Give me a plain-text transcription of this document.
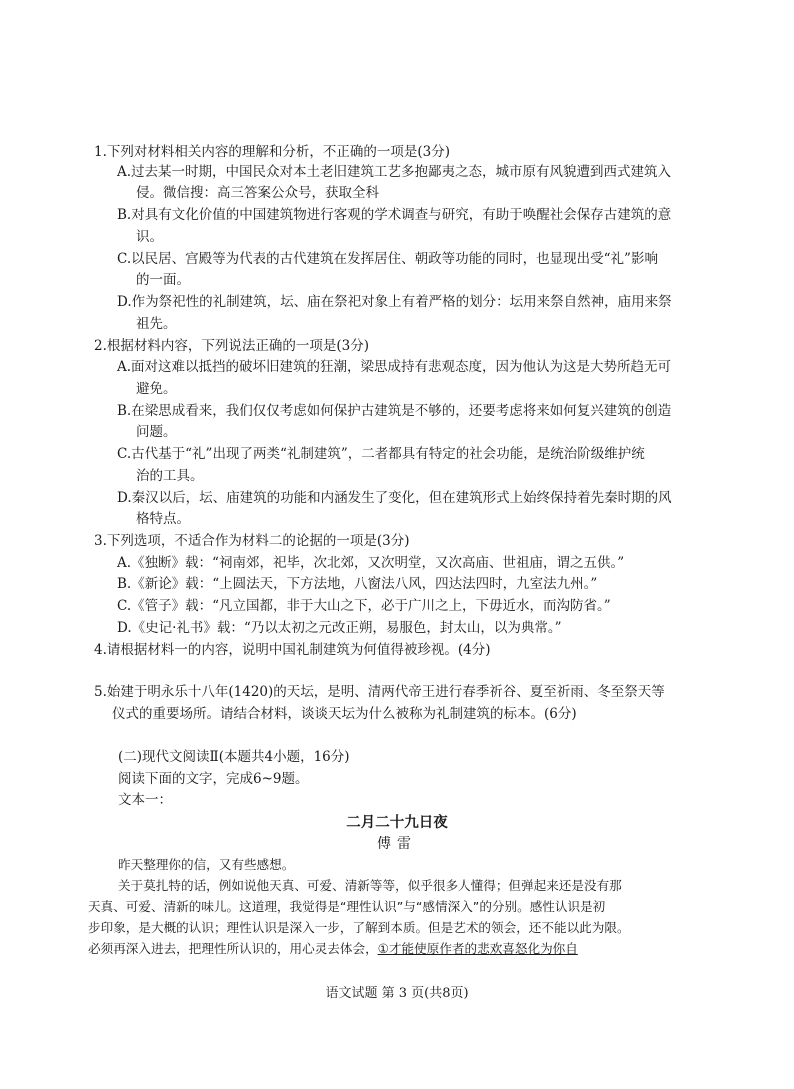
1.下列对材料相关内容的理解和分析，不正确的一项是(3分)
A.过去某一时期，中国民众对本土老旧建筑工艺多抱鄙夷之态，城市原有风貌遭到西式建筑入
侵。微信搜：高三答案公众号，获取全科
B.对具有文化价值的中国建筑物进行客观的学术调查与研究，有助于唤醒社会保存古建筑的意
识。
C.以民居、宫殿等为代表的古代建筑在发挥居住、朝政等功能的同时，也显现出受“礼”影响
的一面。
D.作为祭祀性的礼制建筑，坛、庙在祭祀对象上有着严格的划分：坛用来祭自然神，庙用来祭
祖先。
2.根据材料内容，下列说法正确的一项是(3分)
A.面对这难以抵挡的破坏旧建筑的狂潮，梁思成持有悲观态度，因为他认为这是大势所趋无可
避免。
B.在梁思成看来，我们仅仅考虑如何保护古建筑是不够的，还要考虑将来如何复兴建筑的创造
问题。
C.古代基于“礼”出现了两类“礼制建筑”，二者都具有特定的社会功能，是统治阶级维护统
治的工具。
D.秦汉以后，坛、庙建筑的功能和内涵发生了变化，但在建筑形式上始终保持着先秦时期的风
格特点。
3.下列选项，不适合作为材料二的论据的一项是(3分)
A.《独断》载：“祠南郊，祀毕，次北郊，又次明堂，又次高庙、世祖庙，谓之五供。”
B.《新论》载：“上圆法天，下方法地，八窗法八风，四达法四时，九室法九州。”
C.《管子》载：“凡立国都，非于大山之下，必于广川之上，下毋近水，而沟防省。”
D.《史记·礼书》载：“乃以太初之元改正朔，易服色，封太山，以为典常。”
4.请根据材料一的内容，说明中国礼制建筑为何值得被珍视。(4分)
5.始建于明永乐十八年(1420)的天坛，是明、清两代帝王进行春季祈谷、夏至祈雨、冬至祭天等
仪式的重要场所。请结合材料，谈谈天坛为什么被称为礼制建筑的标本。(6分)
(二)现代文阅读Ⅱ(本题共4小题，16分)
阅读下面的文字，完成6~9题。
文本一：
二月二十九日夜
傅雷
昨天整理你的信，又有些感想。
关于莫扎特的话，例如说他天真、可爱、清新等等，似乎很多人懂得；但弹起来还是没有那
天真、可爱、清新的味儿。这道理，我觉得是“理性认识”与“感情深入”的分别。感性认识是初
步印象，是大概的认识；理性认识是深入一步，了解到本质。但是艺术的领会，还不能以此为限。
必须再深入进去，把理性所认识的，用心灵去体会，①才能使原作者的悲欢喜怒化为你自
语文试题 第 3 页(共8页)
